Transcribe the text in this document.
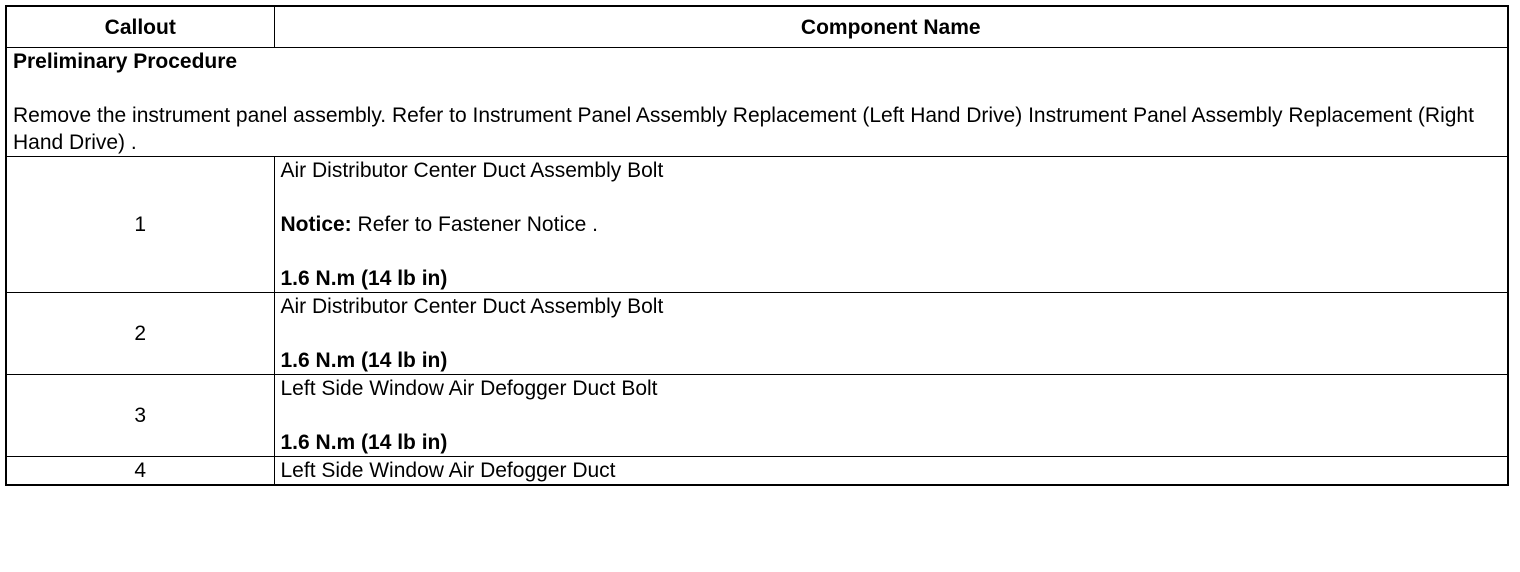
Callout	Component Name

Preliminary Procedure

Remove the instrument panel assembly. Refer to Instrument Panel Assembly Replacement (Left Hand Drive) Instrument Panel Assembly Replacement (Right Hand Drive) .	

1	Air Distributor Center Duct Assembly Bolt

Notice: Refer to Fastener Notice .

1.6 N.m (14 lb in)

2	Air Distributor Center Duct Assembly Bolt

1.6 N.m (14 lb in)

3	Left Side Window Air Defogger Duct Bolt

1.6 N.m (14 lb in)

4	Left Side Window Air Defogger Duct
